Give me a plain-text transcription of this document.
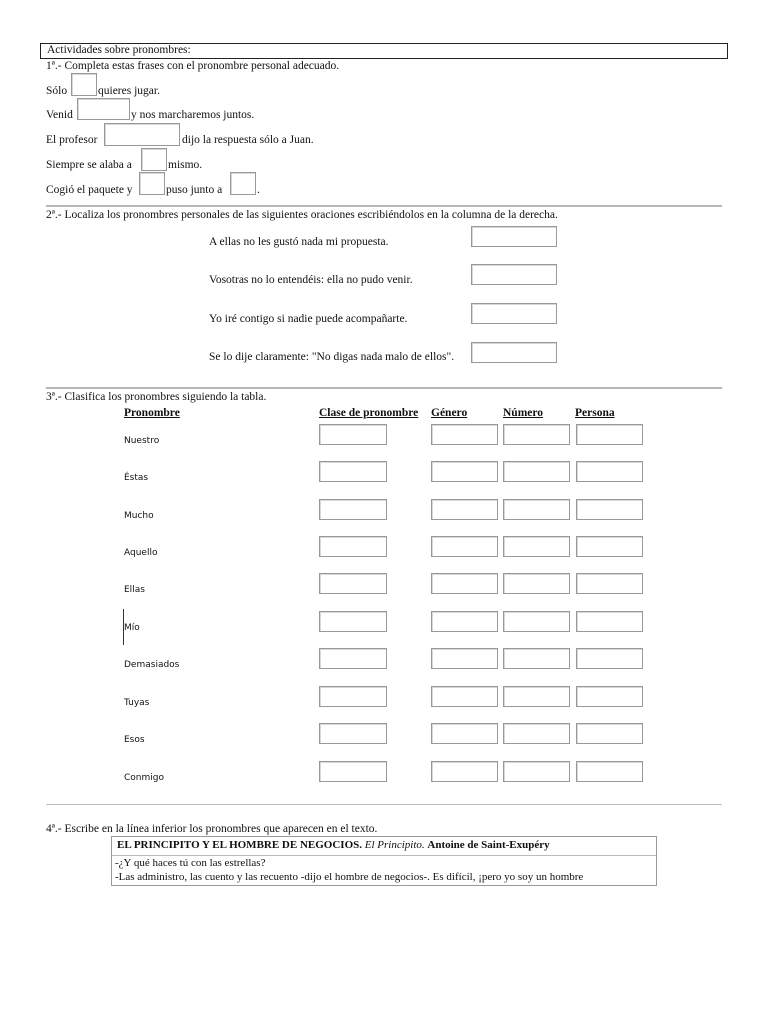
Actividades sobre pronombres:
1ª.- Completa estas frases con el pronombre personal adecuado.
Sólo	quieres jugar.
Venid	y nos marcharemos juntos.
El profesor	dijo la respuesta sólo a Juan.
Siempre se alaba a	mismo.
Cogió el paquete y	puso junto a	.
2ª.- Localiza los pronombres personales de las siguientes oraciones escribiéndolos en la columna de la derecha.
A ellas no les gustó nada mi propuesta.
Vosotras no lo entendéis: ella no pudo venir.
Yo iré contigo si nadie puede acompañarte.
Se lo dije claramente: "No digas nada malo de ellos".
3ª.- Clasifica los pronombres siguiendo la tabla.
Pronombre	Clase de pronombre Género	Número	Persona
Nuestro
Éstas
Mucho
Aquello
Ellas
Mío
Demasiados
Tuyas
Esos
Conmigo
4ª.- Escribe en la línea inferior los pronombres que aparecen en el texto.
EL PRINCIPITO Y EL HOMBRE DE NEGOCIOS. El Principito. Antoine de Saint-Exupéry
-¿Y qué haces tú con las estrellas?
-Las administro, las cuento y las recuento -dijo el hombre de negocios-. Es difícil, ¡pero yo soy un hombre
